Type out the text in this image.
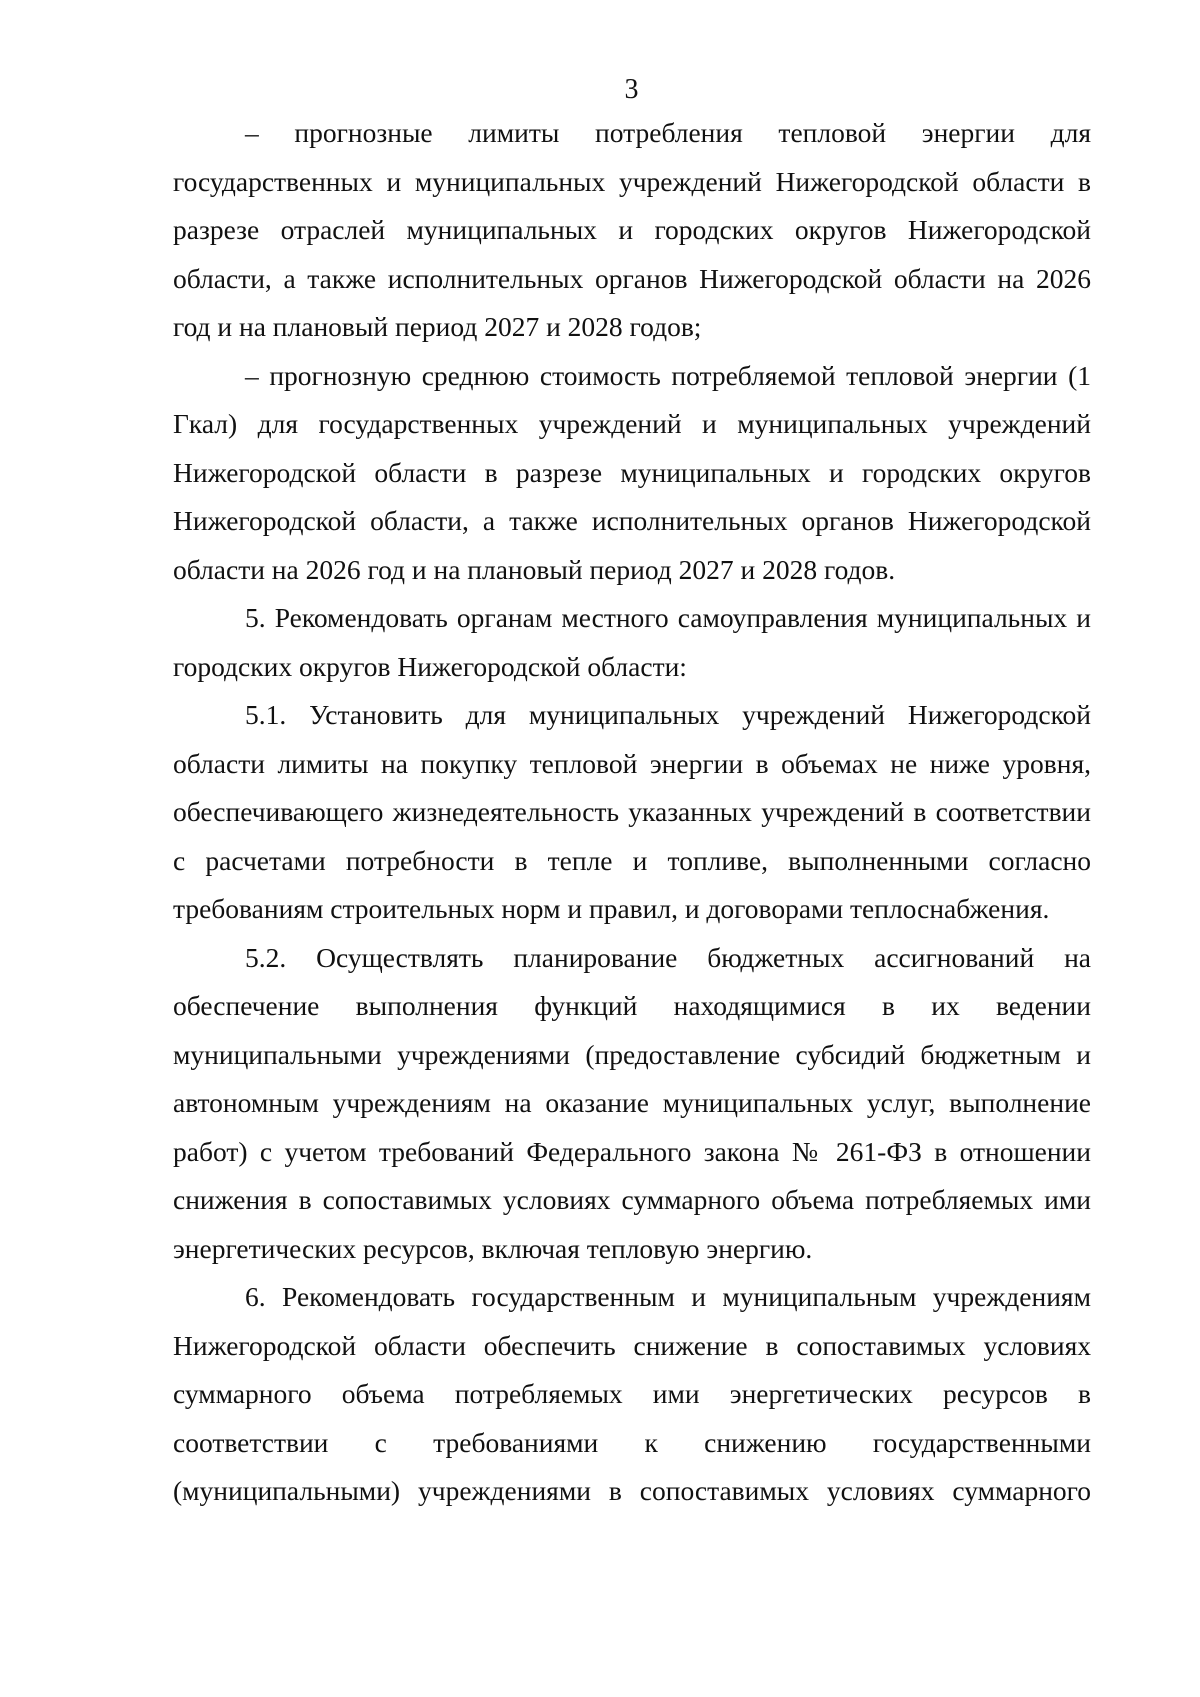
3

– прогнозные лимиты потребления тепловой энергии для государственных и муниципальных учреждений Нижегородской области в разрезе отраслей муниципальных и городских округов Нижегородской области, а также исполнительных органов Нижегородской области на 2026 год и на плановый период 2027 и 2028 годов;

– прогнозную среднюю стоимость потребляемой тепловой энергии (1 Гкал) для государственных учреждений и муниципальных учреждений Нижегородской области в разрезе муниципальных и городских округов Нижегородской области, а также исполнительных органов Нижегородской области на 2026 год и на плановый период 2027 и 2028 годов.

5. Рекомендовать органам местного самоуправления муниципальных и городских округов Нижегородской области:

5.1. Установить для муниципальных учреждений Нижегородской области лимиты на покупку тепловой энергии в объемах не ниже уровня, обеспечивающего жизнедеятельность указанных учреждений в соответствии с расчетами потребности в тепле и топливе, выполненными согласно требованиям строительных норм и правил, и договорами теплоснабжения.

5.2. Осуществлять планирование бюджетных ассигнований на обеспечение выполнения функций находящимися в их ведении муниципальными учреждениями (предоставление субсидий бюджетным и автономным учреждениям на оказание муниципальных услуг, выполнение работ) с учетом требований Федерального закона № 261-ФЗ в отношении снижения в сопоставимых условиях суммарного объема потребляемых ими энергетических ресурсов, включая тепловую энергию.

6. Рекомендовать государственным и муниципальным учреждениям Нижегородской области обеспечить снижение в сопоставимых условиях суммарного объема потребляемых ими энергетических ресурсов в соответствии с требованиями к снижению государственными (муниципальными) учреждениями в сопоставимых условиях суммарного
